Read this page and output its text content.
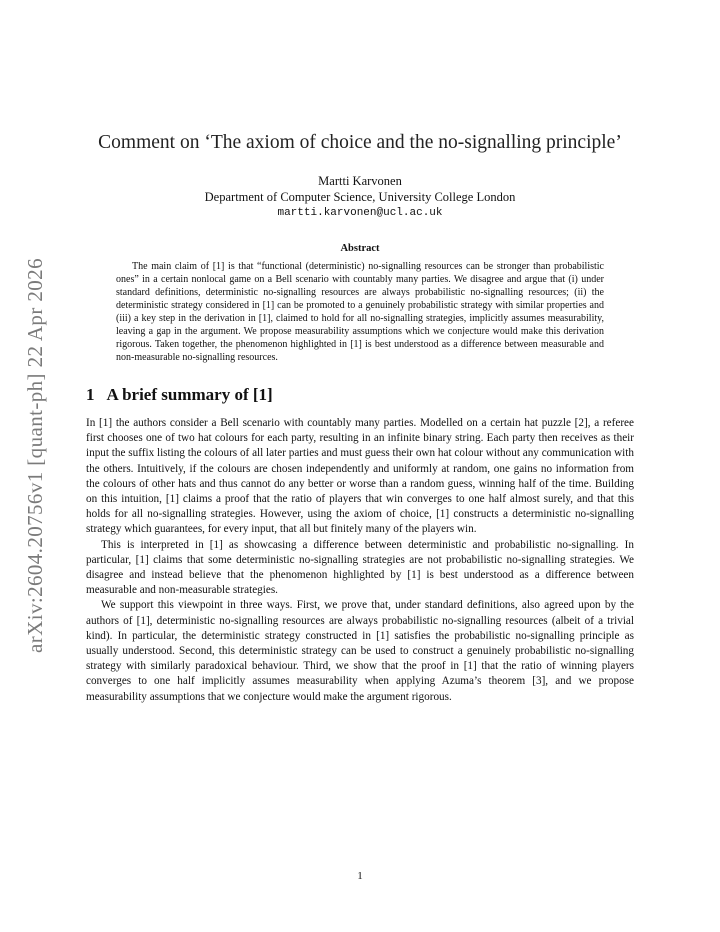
arXiv:2604.20756v1 [quant-ph] 22 Apr 2026
Comment on ‘The axiom of choice and the no-signalling principle’
Martti Karvonen
Department of Computer Science, University College London
martti.karvonen@ucl.ac.uk
Abstract

The main claim of [1] is that “functional (deterministic) no-signalling resources can be stronger than probabilistic ones” in a certain nonlocal game on a Bell scenario with countably many parties. We disagree and argue that (i) under standard definitions, deterministic no-signalling resources are always probabilistic no-signalling resources; (ii) the deterministic strategy considered in [1] can be promoted to a genuinely probabilistic strategy with similar properties and (iii) a key step in the derivation in [1], claimed to hold for all no-signalling strategies, implicitly assumes measurability, leaving a gap in the argument. We propose measurability assumptions which we conjecture would make this derivation rigorous. Taken together, the phenomenon highlighted in [1] is best understood as a difference between measurable and non-measurable no-signalling resources.

1 A brief summary of [1]

In [1] the authors consider a Bell scenario with countably many parties. Modelled on a certain hat puzzle [2], a referee first chooses one of two hat colours for each party, resulting in an infinite binary string. Each party then receives as their input the suffix listing the colours of all later parties and must guess their own hat colour without any communication with the others. Intuitively, if the colours are chosen independently and uniformly at random, one gains no information from the colours of other hats and thus cannot do any better or worse than a random guess, winning half of the time. Building on this intuition, [1] claims a proof that the ratio of players that win converges to one half almost surely, and that this holds for all no-signalling strategies. However, using the axiom of choice, [1] constructs a deterministic no-signalling strategy which guarantees, for every input, that all but finitely many of the players win.

This is interpreted in [1] as showcasing a difference between deterministic and probabilistic no-signalling. In particular, [1] claims that some deterministic no-signalling strategies are not probabilistic no-signalling strategies. We disagree and instead believe that the phenomenon highlighted by [1] is best understood as a difference between measurable and non-measurable strategies.

We support this viewpoint in three ways. First, we prove that, under standard definitions, also agreed upon by the authors of [1], deterministic no-signalling resources are always probabilistic no-signalling resources (albeit of a trivial kind). In particular, the deterministic strategy constructed in [1] satisfies the probabilistic no-signalling principle as usually understood. Second, this deterministic strategy can be used to construct a genuinely probabilistic no-signalling strategy with similarly paradoxical behaviour. Third, we show that the proof in [1] that the ratio of winning players converges to one half implicitly assumes measurability when applying Azuma’s theorem [3], and we propose measurability assumptions that we conjecture would make the argument rigorous.

1
